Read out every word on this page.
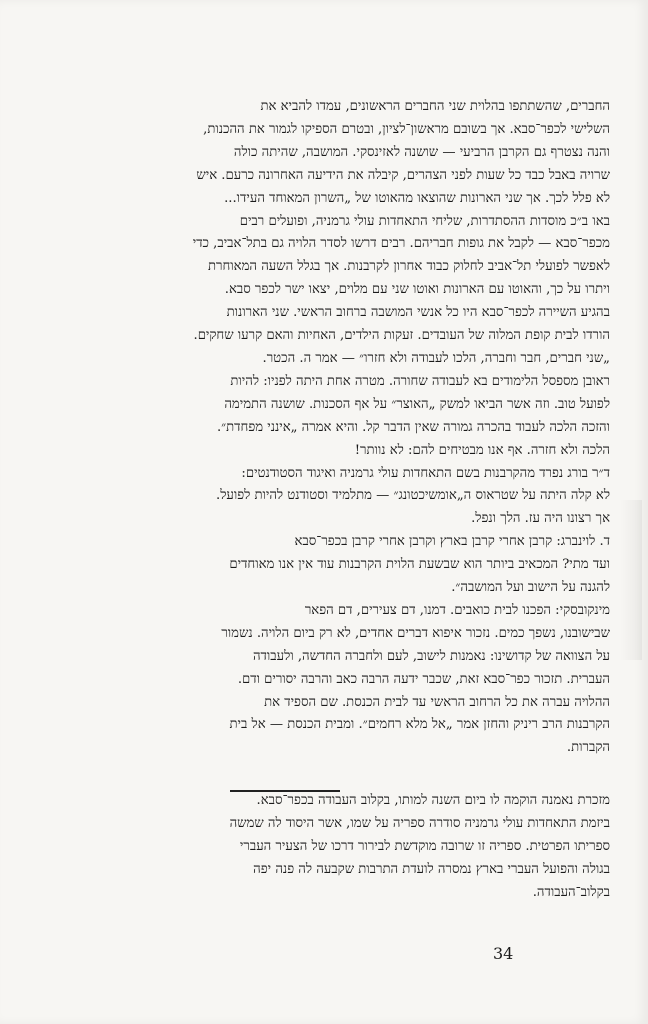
החברים, שהשתתפו בהלוית שני החברים הראשונים, עמדו להביא את
השלישי לכפר־סבא. אך בשובם מראשון־לציון, ובטרם הספיקו לגמור את ההכנות,
והנה נצטרף גם הקרבן הרביעי — שושנה לאזינסקי. המושבה, שהיתה כולה
שרויה באבל כבד כל שעות לפני הצהרים, קיבלה את הידיעה האחרונה כרעם. איש
לא פלל לכך. אך שני הארונות שהוצאו מהאוטו של „השרון המאוחד העידו...
באו ב״כ מוסדות ההסתדרות, שליחי התאחדות עולי גרמניה, ופועלים רבים
מכפר־סבא — לקבל את גופות חבריהם. רבים דרשו לסדר הלויה גם בתל־אביב, כדי
לאפשר לפועלי תל־אביב לחלוק כבוד אחרון לקרבנות. אך בגלל השעה המאוחרת
ויתרו על כך, והאוטו עם הארונות ואוטו שני עם מלוים, יצאו ישר לכפר סבא.
בהגיע השיירה לכפר־סבא היו כל אנשי המושבה ברחוב הראשי. שני הארונות
הורדו לבית קופת המלוה של העובדים. זעקות הילדים, האחיות והאם קרעו שחקים.
„שני חברים, חבר וחברה, הלכו לעבודה ולא חזרו״ — אמר ה. הכטר.
ראובן מספסל הלימודים בא לעבודה שחורה. מטרה אחת היתה לפניו: להיות
לפועל טוב. וזה אשר הביאו למשק „האוצר״ על אף הסכנות. שושנה התמימה
והזכה הלכה לעבוד בהכרה גמורה שאין הדבר קל. והיא אמרה „אינני מפחדת״.
הלכה ולא חזרה. אף אנו מבטיחים להם: לא נוותר!
ד״ר בורג נפרד מהקרבנות בשם התאחדות עולי גרמניה ואיגוד הסטודנטים:
לא קלה היתה על שטראוס ה„אומשיכטונג״ — מתלמיד וסטודנט להיות לפועל.
אך רצונו היה עז. הלך ונפל.
ד. לוינברג: קרבן אחרי קרבן בארץ וקרבן אחרי קרבן בכפר־סבא
ועד מתי? המכאיב ביותר הוא שבשעת הלוית הקרבנות עוד אין אנו מאוחדים
להגנה על הישוב ועל המושבה״.
מינקובסקי: הפכנו לבית כואבים. דמנו, דם צעירים, דם הפאר
שבישובנו, נשפך כמים. נזכור איפוא דברים אחדים, לא רק ביום הלויה. נשמור
על הצוואה של קדושינו: נאמנות לישוב, לעם ולחברה החדשה, ולעבודה
העברית. תזכור כפר־סבא זאת, שכבר ידעה הרבה כאב והרבה יסורים ודם.
ההלויה עברה את כל הרחוב הראשי עד לבית הכנסת. שם הספיד את
הקרבנות הרב ריניק והחזן אמר „אל מלא רחמים״. ומבית הכנסת — אל בית
הקברות.
מזכרת נאמנה הוקמה לו ביום השנה למותו, בקלוב העבודה בכפר־סבא.
ביזמת התאחדות עולי גרמניה סודרה ספריה על שמו, אשר היסוד לה שמשה
ספריתו הפרטית. ספריה זו שרובה מוקדשת לבירור דרכו של הצעיר העברי
בגולה והפועל העברי בארץ נמסרה לועדת התרבות שקבעה לה פנה יפה
בקלוב־העבודה.
34
